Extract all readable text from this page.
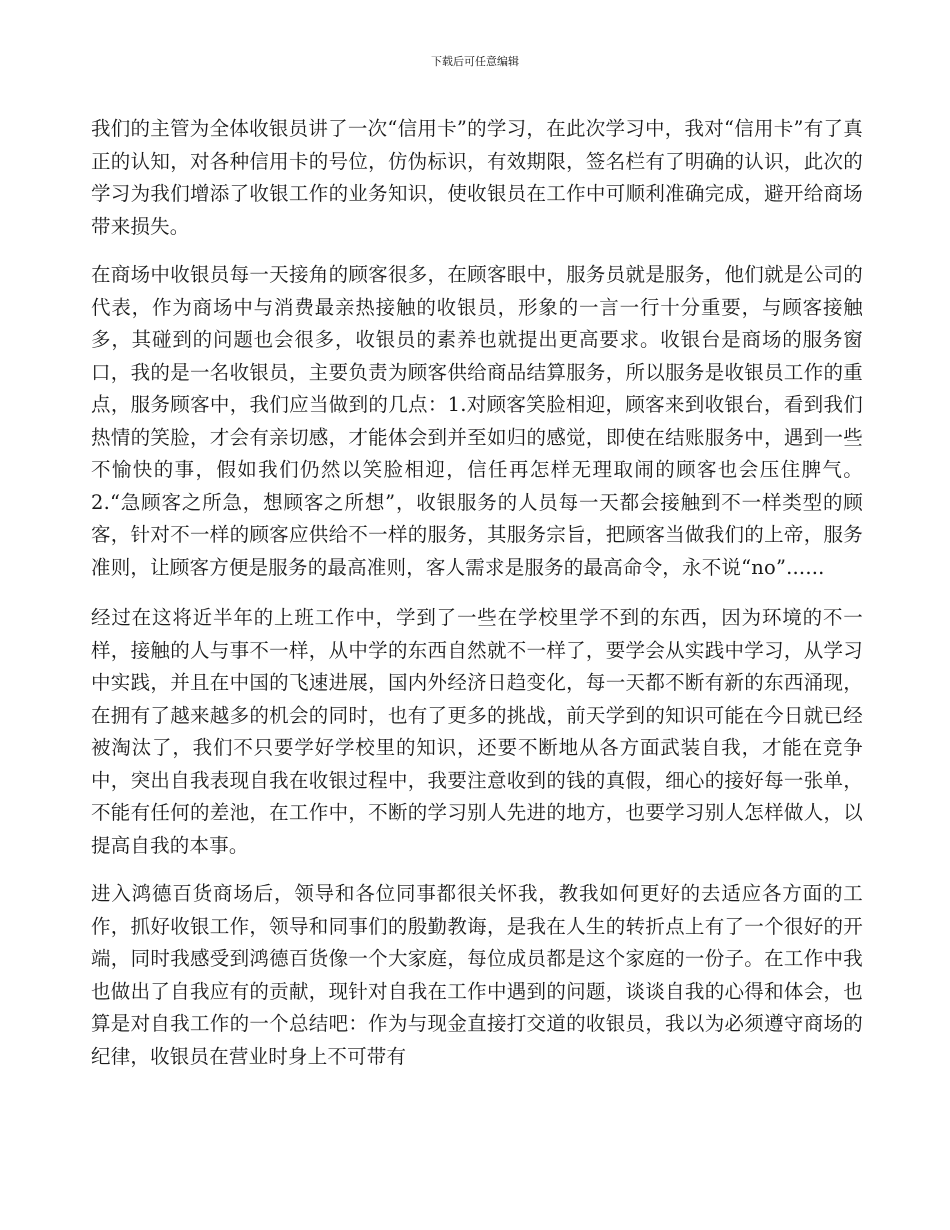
下载后可任意编辑

我们的主管为全体收银员讲了一次“信用卡”的学习，在此次学习中，我对“信用卡”有了真正的认知，对各种信用卡的号位，仿伪标识，有效期限，签名栏有了明确的认识，此次的学习为我们增添了收银工作的业务知识，使收银员在工作中可顺利准确完成，避开给商场带来损失。

在商场中收银员每一天接角的顾客很多，在顾客眼中，服务员就是服务，他们就是公司的代表，作为商场中与消费最亲热接触的收银员，形象的一言一行十分重要，与顾客接触多，其碰到的问题也会很多，收银员的素养也就提出更高要求。收银台是商场的服务窗口，我的是一名收银员，主要负责为顾客供给商品结算服务，所以服务是收银员工作的重点，服务顾客中，我们应当做到的几点：1.对顾客笑脸相迎，顾客来到收银台，看到我们热情的笑脸，才会有亲切感，才能体会到并至如归的感觉，即使在结账服务中，遇到一些不愉快的事，假如我们仍然以笑脸相迎，信任再怎样无理取闹的顾客也会压住脾气。2.“急顾客之所急，想顾客之所想”，收银服务的人员每一天都会接触到不一样类型的顾客，针对不一样的顾客应供给不一样的服务，其服务宗旨，把顾客当做我们的上帝，服务准则，让顾客方便是服务的最高准则，客人需求是服务的最高命令，永不说“no”......

经过在这将近半年的上班工作中，学到了一些在学校里学不到的东西，因为环境的不一样，接触的人与事不一样，从中学的东西自然就不一样了，要学会从实践中学习，从学习中实践，并且在中国的飞速进展，国内外经济日趋变化，每一天都不断有新的东西涌现，在拥有了越来越多的机会的同时，也有了更多的挑战，前天学到的知识可能在今日就已经被淘汰了，我们不只要学好学校里的知识，还要不断地从各方面武装自我，才能在竞争中，突出自我表现自我在收银过程中，我要注意收到的钱的真假，细心的接好每一张单，不能有任何的差池，在工作中，不断的学习别人先进的地方，也要学习别人怎样做人，以提高自我的本事。

进入鸿德百货商场后，领导和各位同事都很关怀我，教我如何更好的去适应各方面的工作，抓好收银工作，领导和同事们的殷勤教诲，是我在人生的转折点上有了一个很好的开端，同时我感受到鸿德百货像一个大家庭，每位成员都是这个家庭的一份子。在工作中我也做出了自我应有的贡献，现针对自我在工作中遇到的问题，谈谈自我的心得和体会，也算是对自我工作的一个总结吧：作为与现金直接打交道的收银员，我以为必须遵守商场的纪律，收银员在营业时身上不可带有
